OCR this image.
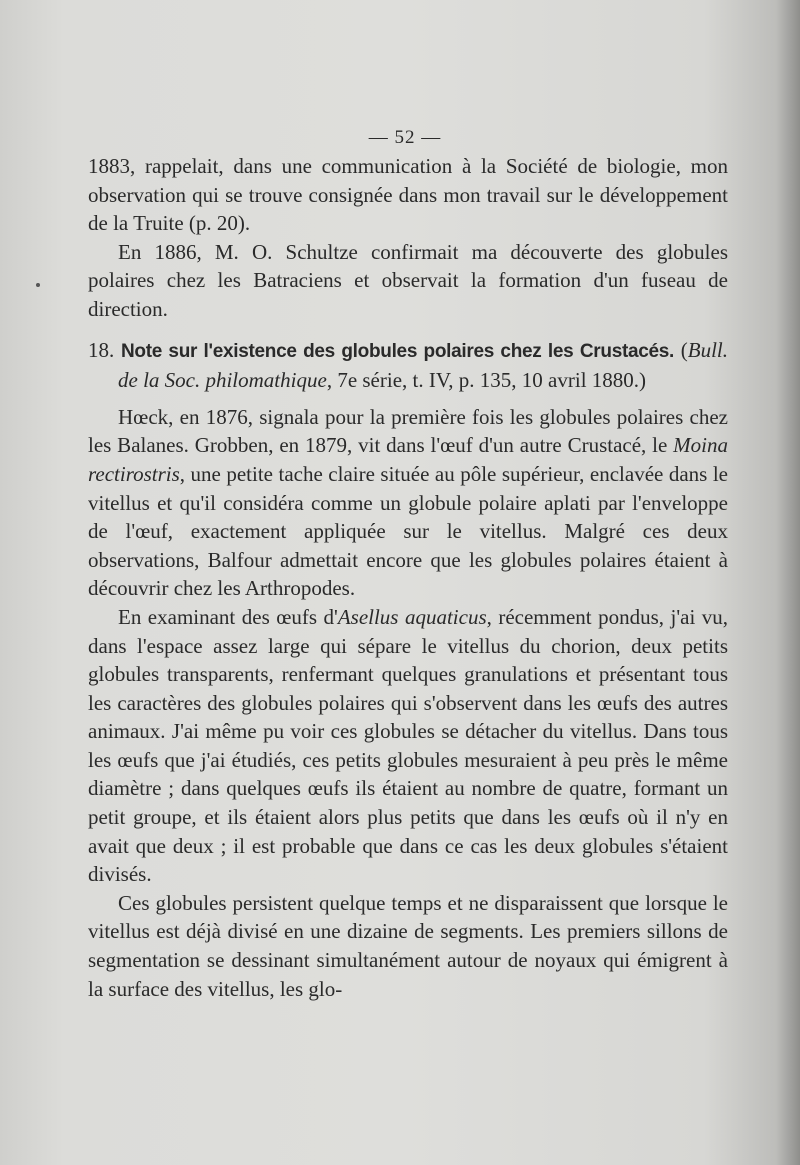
— 52 —

1883, rappelait, dans une communication à la Société de biologie, mon observation qui se trouve consignée dans mon travail sur le développement de la Truite (p. 20).

En 1886, M. O. Schultze confirmait ma découverte des globules polaires chez les Batraciens et observait la formation d'un fuseau de direction.

18. Note sur l'existence des globules polaires chez les Crustacés. (Bull. de la Soc. philomathique, 7e série, t. IV, p. 135, 10 avril 1880.)

Hœck, en 1876, signala pour la première fois les globules polaires chez les Balanes. Grobben, en 1879, vit dans l'œuf d'un autre Crustacé, le Moina rectirostris, une petite tache claire située au pôle supérieur, enclavée dans le vitellus et qu'il considéra comme un globule polaire aplati par l'enveloppe de l'œuf, exactement appliquée sur le vitellus. Malgré ces deux observations, Balfour admettait encore que les globules polaires étaient à découvrir chez les Arthropodes.

En examinant des œufs d'Asellus aquaticus, récemment pondus, j'ai vu, dans l'espace assez large qui sépare le vitellus du chorion, deux petits globules transparents, renfermant quelques granulations et présentant tous les caractères des globules polaires qui s'observent dans les œufs des autres animaux. J'ai même pu voir ces globules se détacher du vitellus. Dans tous les œufs que j'ai étudiés, ces petits globules mesuraient à peu près le même diamètre ; dans quelques œufs ils étaient au nombre de quatre, formant un petit groupe, et ils étaient alors plus petits que dans les œufs où il n'y en avait que deux ; il est probable que dans ce cas les deux globules s'étaient divisés.

Ces globules persistent quelque temps et ne disparaissent que lorsque le vitellus est déjà divisé en une dizaine de segments. Les premiers sillons de segmentation se dessinant simultanément autour de noyaux qui émigrent à la surface des vitellus, les glo-
